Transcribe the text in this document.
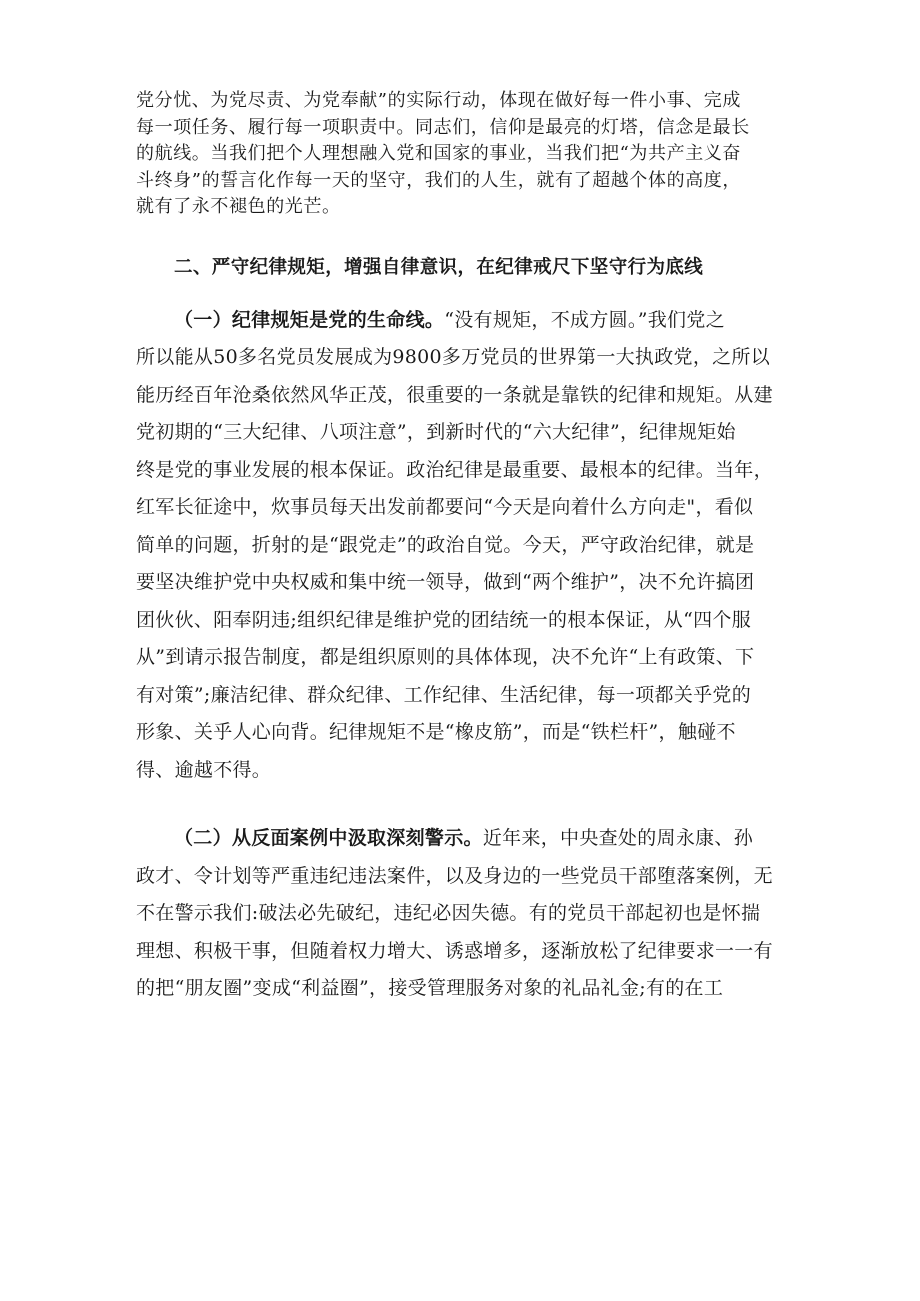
党分忧、为党尽责、为党奉献”的实际行动，体现在做好每一件小事、完成
每一项任务、履行每一项职责中。同志们，信仰是最亮的灯塔，信念是最长
的航线。当我们把个人理想融入党和国家的事业，当我们把“为共产主义奋
斗终身”的誓言化作每一天的坚守，我们的人生，就有了超越个体的高度，
就有了永不褪色的光芒。

二、严守纪律规矩，增强自律意识，在纪律戒尺下坚守行为底线

（一）纪律规矩是党的生命线。“没有规矩，不成方圆。”我们党之
所以能从50多名党员发展成为9800多万党员的世界第一大执政党，之所以
能历经百年沧桑依然风华正茂，很重要的一条就是靠铁的纪律和规矩。从建
党初期的“三大纪律、八项注意”，到新时代的“六大纪律”，纪律规矩始
终是党的事业发展的根本保证。政治纪律是最重要、最根本的纪律。当年，
红军长征途中，炊事员每天出发前都要问“今天是向着什么方向走"，看似
简单的问题，折射的是“跟党走”的政治自觉。今天，严守政治纪律，就是
要坚决维护党中央权威和集中统一领导，做到“两个维护”，决不允许搞团
团伙伙、阳奉阴违;组织纪律是维护党的团结统一的根本保证，从“四个服
从”到请示报告制度，都是组织原则的具体体现，决不允许“上有政策、下
有对策”;廉洁纪律、群众纪律、工作纪律、生活纪律，每一项都关乎党的
形象、关乎人心向背。纪律规矩不是“橡皮筋”，而是“铁栏杆”，触碰不
得、逾越不得。

（二）从反面案例中汲取深刻警示。近年来，中央查处的周永康、孙
政才、令计划等严重违纪违法案件，以及身边的一些党员干部堕落案例，无
不在警示我们:破法必先破纪，违纪必因失德。有的党员干部起初也是怀揣
理想、积极干事，但随着权力增大、诱惑增多，逐渐放松了纪律要求一一有
的把“朋友圈”变成“利益圈”，接受管理服务对象的礼品礼金;有的在工
